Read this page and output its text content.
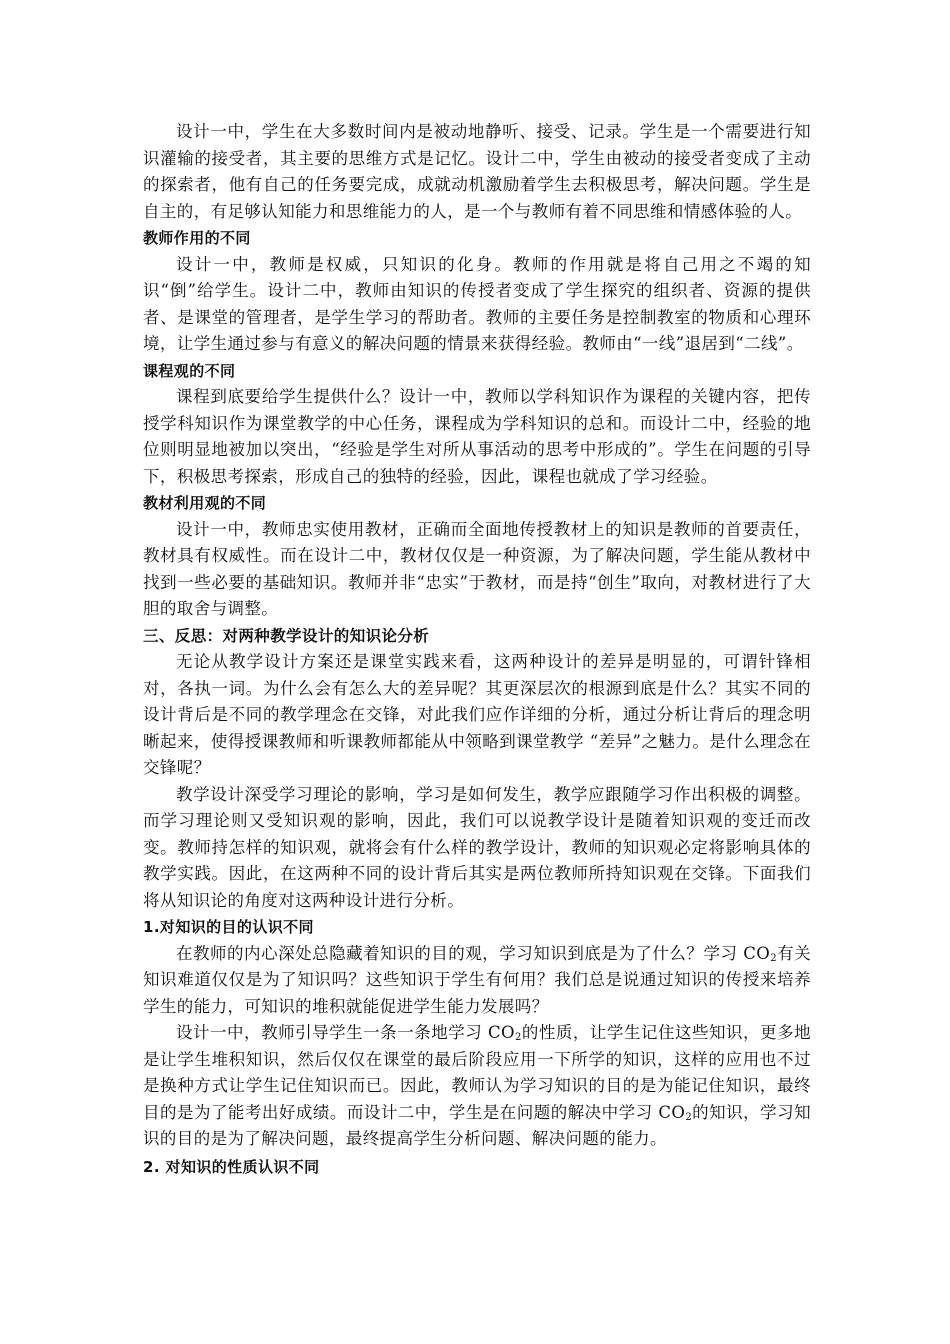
设计一中，学生在大多数时间内是被动地静听、接受、记录。学生是一个需要进行知识灌输的接受者，其主要的思维方式是记忆。设计二中，学生由被动的接受者变成了主动的探索者，他有自己的任务要完成，成就动机激励着学生去积极思考，解决问题。学生是自主的，有足够认知能力和思维能力的人，是一个与教师有着不同思维和情感体验的人。

教师作用的不同

设计一中，教师是权威，只知识的化身。教师的作用就是将自己用之不竭的知识“倒”给学生。设计二中，教师由知识的传授者变成了学生探究的组织者、资源的提供者、是课堂的管理者，是学生学习的帮助者。教师的主要任务是控制教室的物质和心理环境，让学生通过参与有意义的解决问题的情景来获得经验。教师由“一线”退居到“二线”。

课程观的不同

课程到底要给学生提供什么？设计一中，教师以学科知识作为课程的关键内容，把传授学科知识作为课堂教学的中心任务，课程成为学科知识的总和。而设计二中，经验的地位则明显地被加以突出，“经验是学生对所从事活动的思考中形成的”。学生在问题的引导下，积极思考探索，形成自己的独特的经验，因此，课程也就成了学习经验。

教材利用观的不同

设计一中，教师忠实使用教材，正确而全面地传授教材上的知识是教师的首要责任，教材具有权威性。而在设计二中，教材仅仅是一种资源，为了解决问题，学生能从教材中找到一些必要的基础知识。教师并非“忠实”于教材，而是持“创生”取向，对教材进行了大胆的取舍与调整。

三、反思：对两种教学设计的知识论分析

无论从教学设计方案还是课堂实践来看，这两种设计的差异是明显的，可谓针锋相对，各执一词。为什么会有怎么大的差异呢？其更深层次的根源到底是什么？其实不同的设计背后是不同的教学理念在交锋，对此我们应作详细的分析，通过分析让背后的理念明晰起来，使得授课教师和听课教师都能从中领略到课堂教学 “差异”之魅力。是什么理念在交锋呢？

教学设计深受学习理论的影响，学习是如何发生，教学应跟随学习作出积极的调整。而学习理论则又受知识观的影响，因此，我们可以说教学设计是随着知识观的变迁而改变。教师持怎样的知识观，就将会有什么样的教学设计，教师的知识观必定将影响具体的教学实践。因此，在这两种不同的设计背后其实是两位教师所持知识观在交锋。下面我们将从知识论的角度对这两种设计进行分析。

1.对知识的目的认识不同

在教师的内心深处总隐藏着知识的目的观，学习知识到底是为了什么？学习 $CO_2$有关知识难道仅仅是为了知识吗？这些知识于学生有何用？我们总是说通过知识的传授来培养学生的能力，可知识的堆积就能促进学生能力发展吗？

设计一中，教师引导学生一条一条地学习 $CO_2$的性质，让学生记住这些知识，更多地是让学生堆积知识，然后仅仅在课堂的最后阶段应用一下所学的知识，这样的应用也不过是换种方式让学生记住知识而已。因此，教师认为学习知识的目的是为能记住知识，最终目的是为了能考出好成绩。而设计二中，学生是在问题的解决中学习 $CO_2$的知识，学习知识的目的是为了解决问题，最终提高学生分析问题、解决问题的能力。

2. 对知识的性质认识不同
